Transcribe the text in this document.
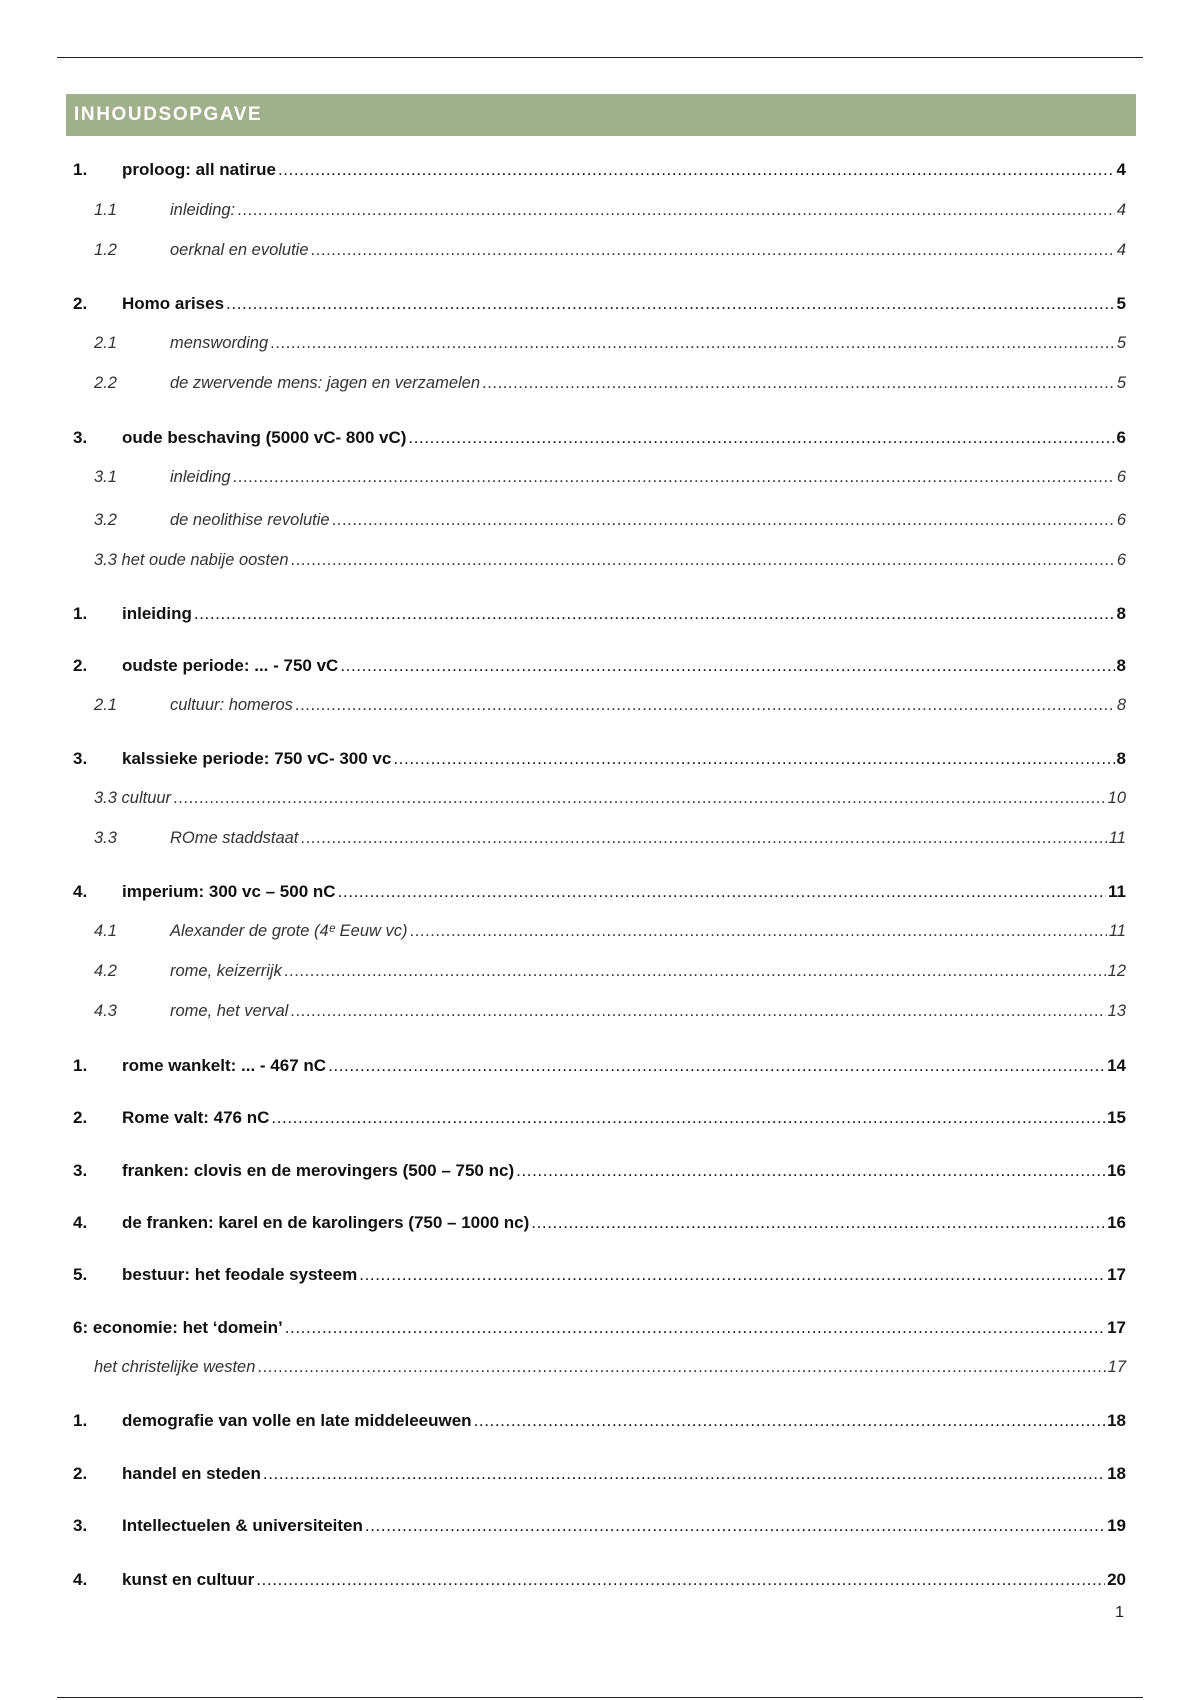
INHOUDSOPGAVE
1.	proloog: all natirue .....	4
1.1	inleiding: .....	4
1.2	oerknal en evolutie .....	4
2.	Homo arises .....	5
2.1	menswording .....	5
2.2	de zwervende mens: jagen en verzamelen .....	5
3.	oude beschaving (5000 vC- 800 vC) .....	6
3.1	inleiding .....	6
3.2	de neolithise revolutie .....	6
3.3 het oude nabije oosten .....	6
1.	inleiding .....	8
2.	oudste periode: ... - 750 vC .....	8
2.1	cultuur: homeros .....	8
3.	kalssieke periode: 750 vC- 300 vc .....	8
3.3 cultuur .....	10
3.3	ROme staddstaat .....	11
4.	imperium: 300 vc – 500 nC .....	11
4.1	Alexander de grote (4ᵉ Eeuw vc) .....	11
4.2	rome, keizerrijk .....	12
4.3	rome, het verval .....	13
1.	rome wankelt: ... - 467 nC .....	14
2.	Rome valt: 476 nC .....	15
3.	franken: clovis en de merovingers (500 – 750 nc) .....	16
4.	de franken: karel en de karolingers (750 – 1000 nc) .....	16
5.	bestuur: het feodale systeem .....	17
6: economie: het ‘domein’ .....	17
het christelijke westen .....	17
1.	demografie van volle en late middeleeuwen .....	18
2.	handel en steden .....	18
3.	Intellectuelen & universiteiten .....	19
4.	kunst en cultuur .....	20
1
